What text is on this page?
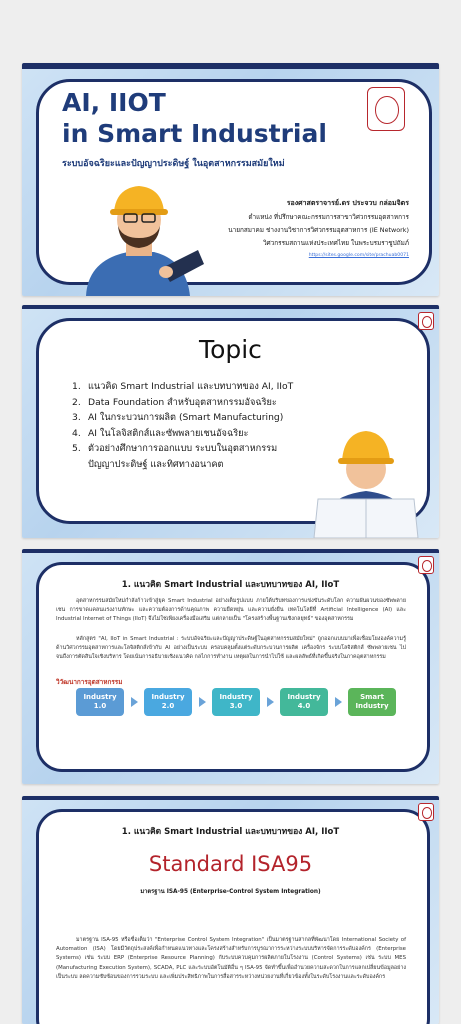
AI, IIOT
in Smart Industrial
ระบบอัจฉริยะและปัญญาประดิษฐ์ ในอุตสาหกรรมสมัยใหม่
รองศาสตราจารย์.ดร ประจวบ กล่อมจิตร
ตำแหน่ง ที่ปรึกษาคณะกรรมการสาขาวิศวกรรมอุตสาหการ
นายกสมาคม ช่างงานวิชาการวิศวกรรมอุตสาหการ (IE Network)
วิศวกรรมสถานแห่งประเทศไทย ในพระบรมราชูปถัมภ์
https://sites.google.com/site/prachuab0071
Topic
1. แนวคิด Smart Industrial และบทบาทของ AI, IIoT
2. Data Foundation สำหรับอุตสาหกรรมอัจฉริยะ
3. AI ในกระบวนการผลิต (Smart Manufacturing)
4. AI ในโลจิสติกส์และซัพพลายเชนอัจฉริยะ
5. ตัวอย่างศึกษาการออกแบบ ระบบในอุตสาหกรรม
ปัญญาประดิษฐ์ และทิศทางอนาคต
1. แนวคิด Smart Industrial และบทบาทของ AI, IIoT
อุตสาหกรรมสมัยใหม่กำลังก้าวเข้าสู่ยุค Smart Industrial อย่างเต็มรูปแบบ ภายใต้บริบทของการแข่งขันระดับโลก ความผันผวนของซัพพลายเชน การขาดแคลนแรงงานทักษะ และความต้องการด้านคุณภาพ ความยืดหยุ่น และความยั่งยืน เทคโนโลยีที่ Artificial Intelligence (AI) และ Industrial Internet of Things (IIoT) จึงไม่ใช่เพียงเครื่องมือเสริม แต่กลายเป็น "โครงสร้างพื้นฐานเชิงกลยุทธ์" ของอุตสาหกรรม
หลักสูตร "AI, IIoT in Smart Industrial : ระบบอัจฉริยะและปัญญาประดิษฐ์ในอุตสาหกรรมสมัยใหม่" ถูกออกแบบมาเพื่อเชื่อมโยงองค์ความรู้ด้านวิศวกรรมอุตสาหการและโลจิสติกส์เข้ากับ AI อย่างเป็นระบบ ครอบคลุมตั้งแต่ระดับกระบวนการผลิต เครื่องจักร ระบบโลจิสติกส์ ซัพพลายเชน ไปจนถึงการตัดสินใจเชิงบริหาร โดยเน้นการอธิบายเชิงแนวคิด กลไกการทำงาน เหตุผลในการนำไปใช้ และผลลัพธ์ที่เกิดขึ้นจริงในภาคอุตสาหกรรม
วิวัฒนาการอุตสาหกรรม
Industry
1.0
Industry
2.0
Industry
3.0
Industry
4.0
Smart
Industry
1. แนวคิด Smart Industrial และบทบาทของ AI, IIoT
Standard ISA95
มาตรฐาน ISA-95 (Enterprise-Control System Integration)
มาตรฐาน ISA-95 หรือชื่อเต็มว่า "Enterprise Control System Integration" เป็นมาตรฐานสากลที่พัฒนาโดย International Society of Automation (ISA) โดยมีวัตถุประสงค์เพื่อกำหนดแนวทางและโครงสร้างสำหรับการบูรณาการระหว่างระบบบริหารจัดการระดับองค์กร (Enterprise Systems) เช่น ระบบ ERP (Enterprise Resource Planning) กับระบบควบคุมการผลิตภายในโรงงาน (Control Systems) เช่น ระบบ MES (Manufacturing Execution System), SCADA, PLC และระบบอัตโนมัติอื่น ๆ ISA-95 จัดทำขึ้นเพื่ออำนวยความสะดวกในการแลกเปลี่ยนข้อมูลอย่างเป็นระบบ ลดความซับซ้อนของการรวมระบบ และเพิ่มประสิทธิภาพในการสื่อสารระหว่างหน่วยงานที่เกี่ยวข้องทั้งในระดับโรงงานและระดับองค์กร
